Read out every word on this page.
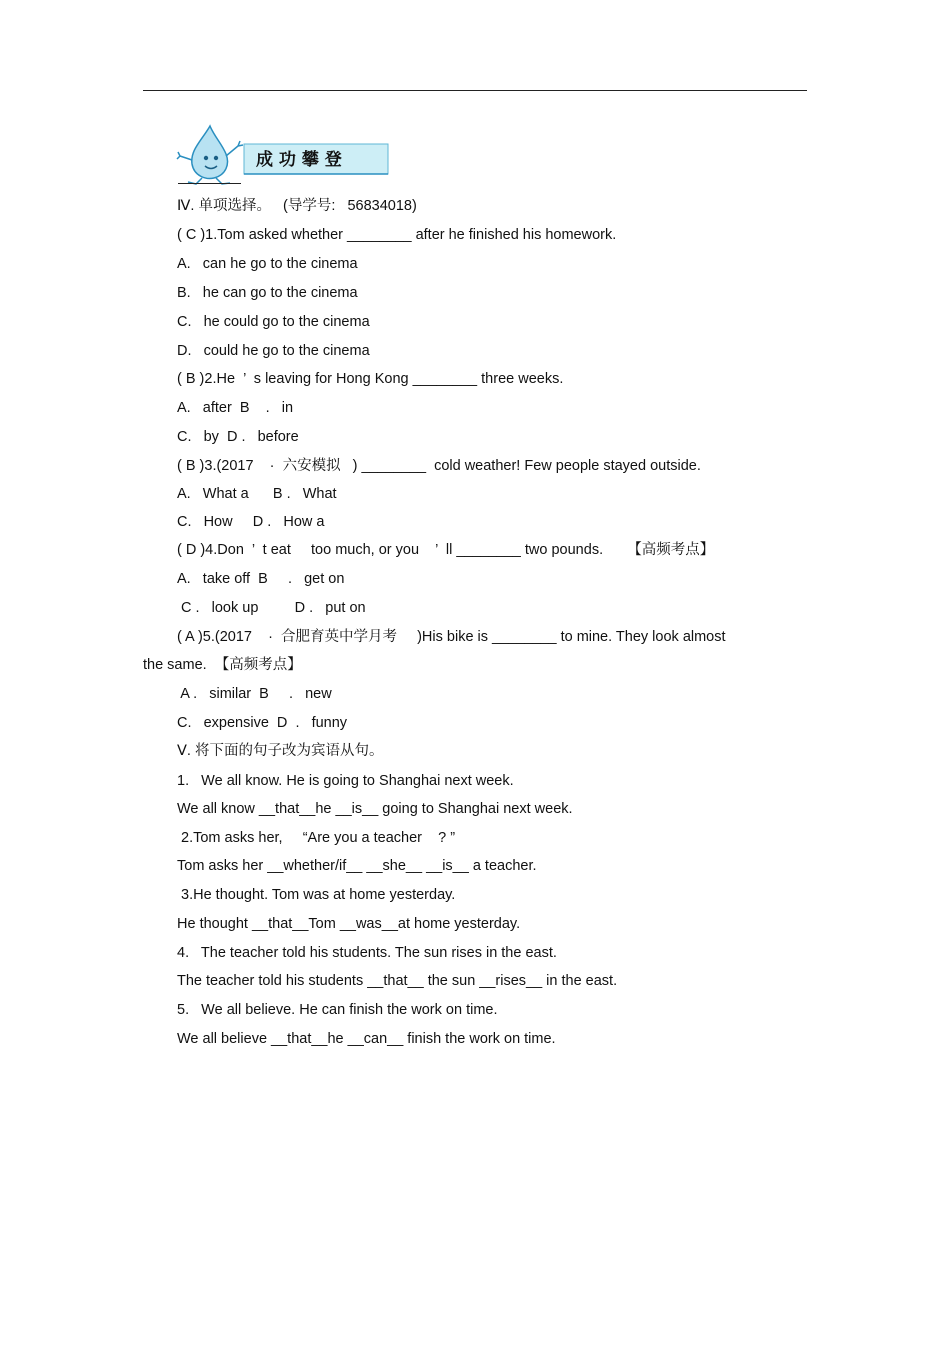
成 功 攀 登
Ⅳ. 单项选择。   (导学号:   56834018)
( C )1.Tom asked whether ________ after he finished his homework.
A.   can he go to the cinema
B.   he can go to the cinema
C.   he could go to the cinema
D.   could he go to the cinema
( B )2.He  ’  s leaving for Hong Kong ________ three weeks.
A.   after  B    .   in
C.   by  D .   before
( B )3.(2017    ·  六安模拟   ) ________  cold weather! Few people stayed outside.
A.   What a      B .   What
C.   How     D .   How a
( D )4.Don  ’  t eat     too much, or you    ’  ll ________ two pounds.      【高频考点】
A.   take off  B     .   get on
C .   look up         D .   put on
( A )5.(2017    ·  合肥育英中学月考     )His bike is ________ to mine. They look almost
the same.  【高频考点】
A .   similar  B     .   new
C.   expensive  D  .   funny
Ⅴ. 将下面的句子改为宾语从句。
1.   We all know. He is going to Shanghai next week.
We all know __that__he __is__ going to Shanghai next week.
2.Tom asks her,     “Are you a teacher    ? ”
Tom asks her __whether/if__ __she__ __is__ a teacher.
3.He thought. Tom was at home yesterday.
He thought __that__Tom __was__at home yesterday.
4.   The teacher told his students. The sun rises in the east.
The teacher told his students __that__ the sun __rises__ in the east.
5.   We all believe. He can finish the work on time.
We all believe __that__he __can__ finish the work on time.
